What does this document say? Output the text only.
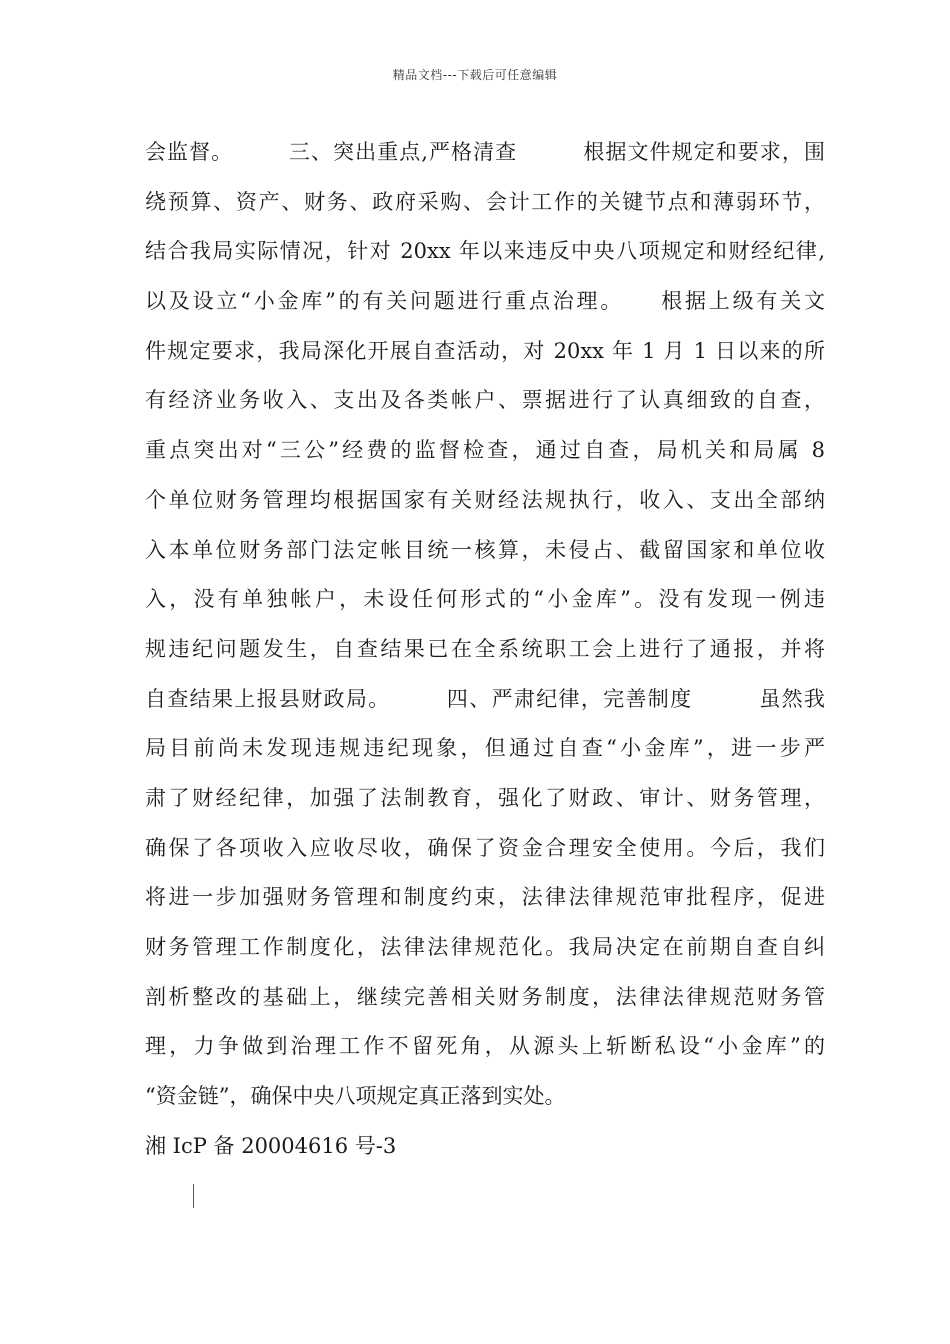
精品文档---下载后可任意编辑
会监督。　　　三、突出重点,严格清查　　　根据文件规定和要求，围
绕预算、资产、财务、政府采购、会计工作的关键节点和薄弱环节，
结合我局实际情况，针对 20xx 年以来违反中央八项规定和财经纪律,
以及设立“小金库”的有关问题进行重点治理。　　根据上级有关文
件规定要求，我局深化开展自查活动，对 20xx 年 1 月 1 日以来的所
有经济业务收入、支出及各类帐户、票据进行了认真细致的自查，
重点突出对“三公”经费的监督检查，通过自查，局机关和局属 8
个单位财务管理均根据国家有关财经法规执行，收入、支出全部纳
入本单位财务部门法定帐目统一核算，未侵占、截留国家和单位收
入，没有单独帐户，未设任何形式的“小金库”。没有发现一例违
规违纪问题发生，自查结果已在全系统职工会上进行了通报，并将
自查结果上报县财政局。　　　四、严肃纪律，完善制度　　　虽然我
局目前尚未发现违规违纪现象，但通过自查“小金库”，进一步严
肃了财经纪律，加强了法制教育，强化了财政、审计、财务管理，
确保了各项收入应收尽收，确保了资金合理安全使用。今后，我们
将进一步加强财务管理和制度约束，法律法律规范审批程序，促进
财务管理工作制度化，法律法律规范化。我局决定在前期自查自纠
剖析整改的基础上，继续完善相关财务制度，法律法律规范财务管
理，力争做到治理工作不留死角，从源头上斩断私设“小金库”的
“资金链”，确保中央八项规定真正落到实处。
湘 IcP 备 20004616 号-3
